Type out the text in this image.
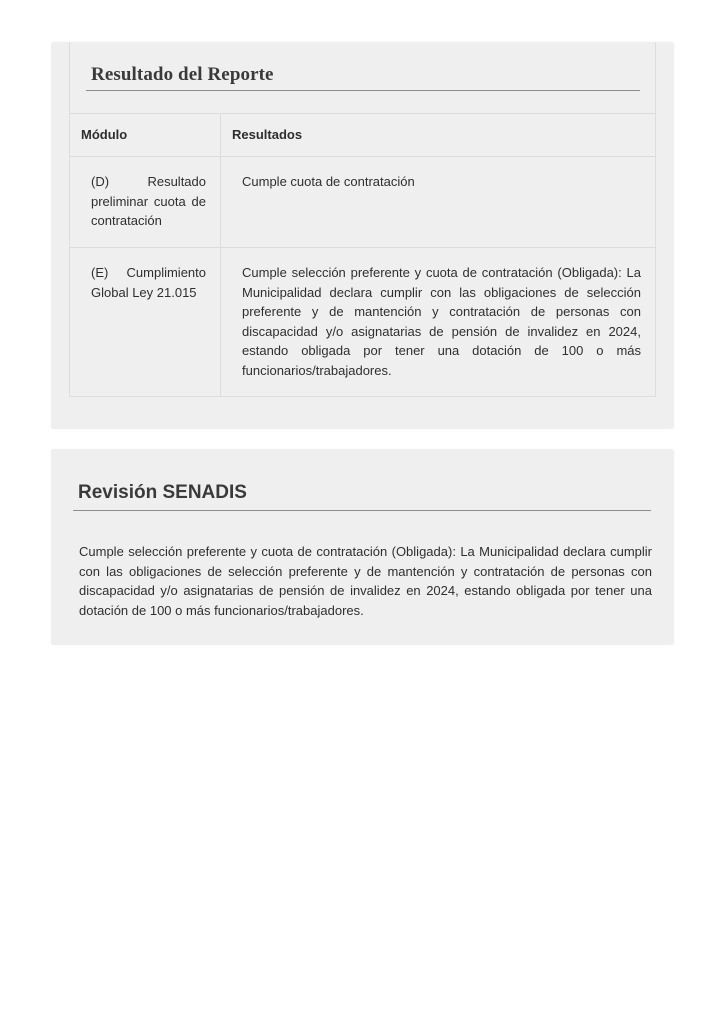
Resultado del Reporte
Módulo	Resultados
(D) Resultado preliminar cuota de contratación	Cumple cuota de contratación
(E) Cumplimiento Global Ley 21.015	Cumple selección preferente y cuota de contratación (Obligada): La Municipalidad declara cumplir con las obligaciones de selección preferente y de mantención y contratación de personas con discapacidad y/o asignatarias de pensión de invalidez en 2024, estando obligada por tener una dotación de 100 o más funcionarios/trabajadores.
Revisión SENADIS

Cumple selección preferente y cuota de contratación (Obligada): La Municipalidad declara cumplir con las obligaciones de selección preferente y de mantención y contratación de personas con discapacidad y/o asignatarias de pensión de invalidez en 2024, estando obligada por tener una dotación de 100 o más funcionarios/trabajadores.
